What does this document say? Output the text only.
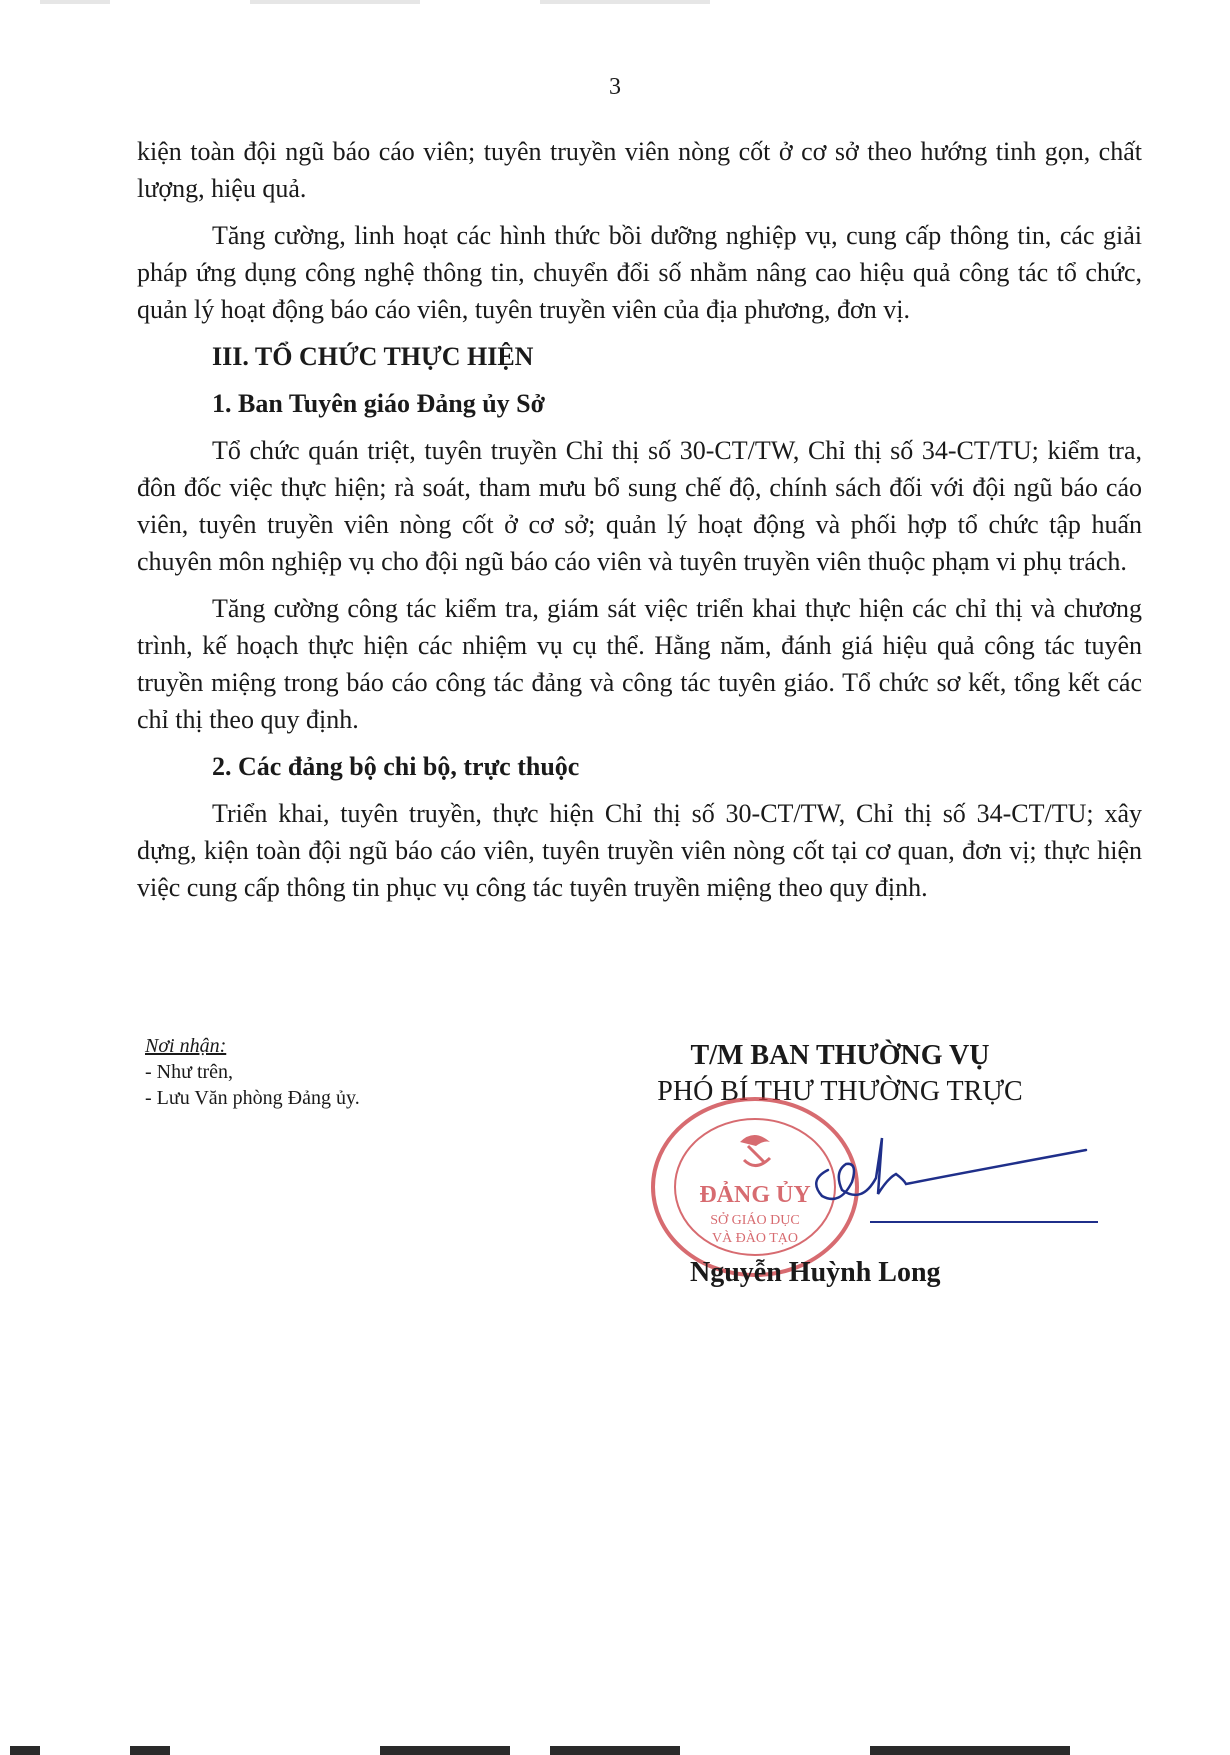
3

kiện toàn đội ngũ báo cáo viên; tuyên truyền viên nòng cốt ở cơ sở theo hướng tinh gọn, chất lượng, hiệu quả.

Tăng cường, linh hoạt các hình thức bồi dưỡng nghiệp vụ, cung cấp thông tin, các giải pháp ứng dụng công nghệ thông tin, chuyển đổi số nhằm nâng cao hiệu quả công tác tổ chức, quản lý hoạt động báo cáo viên, tuyên truyền viên của địa phương, đơn vị.

III. TỔ CHỨC THỰC HIỆN
1. Ban Tuyên giáo Đảng ủy Sở

Tổ chức quán triệt, tuyên truyền Chỉ thị số 30-CT/TW, Chỉ thị số 34-CT/TU; kiểm tra, đôn đốc việc thực hiện; rà soát, tham mưu bổ sung chế độ, chính sách đối với đội ngũ báo cáo viên, tuyên truyền viên nòng cốt ở cơ sở; quản lý hoạt động và phối hợp tổ chức tập huấn chuyên môn nghiệp vụ cho đội ngũ báo cáo viên và tuyên truyền viên thuộc phạm vi phụ trách.

Tăng cường công tác kiểm tra, giám sát việc triển khai thực hiện các chỉ thị và chương trình, kế hoạch thực hiện các nhiệm vụ cụ thể. Hằng năm, đánh giá hiệu quả công tác tuyên truyền miệng trong báo cáo công tác đảng và công tác tuyên giáo. Tổ chức sơ kết, tổng kết các chỉ thị theo quy định.

2. Các đảng bộ chi bộ, trực thuộc

Triển khai, tuyên truyền, thực hiện Chỉ thị số 30-CT/TW, Chỉ thị số 34-CT/TU; xây dựng, kiện toàn đội ngũ báo cáo viên, tuyên truyền viên nòng cốt tại cơ quan, đơn vị; thực hiện việc cung cấp thông tin phục vụ công tác tuyên truyền miệng theo quy định.

Nơi nhận:
- Như trên,
- Lưu Văn phòng Đảng ủy.
T/M BAN THƯỜNG VỤ
PHÓ BÍ THƯ THƯỜNG TRỰC
ĐẢNG ỦY
SỞ GIÁO DỤC
VÀ ĐÀO TẠO
Nguyễn Huỳnh Long
